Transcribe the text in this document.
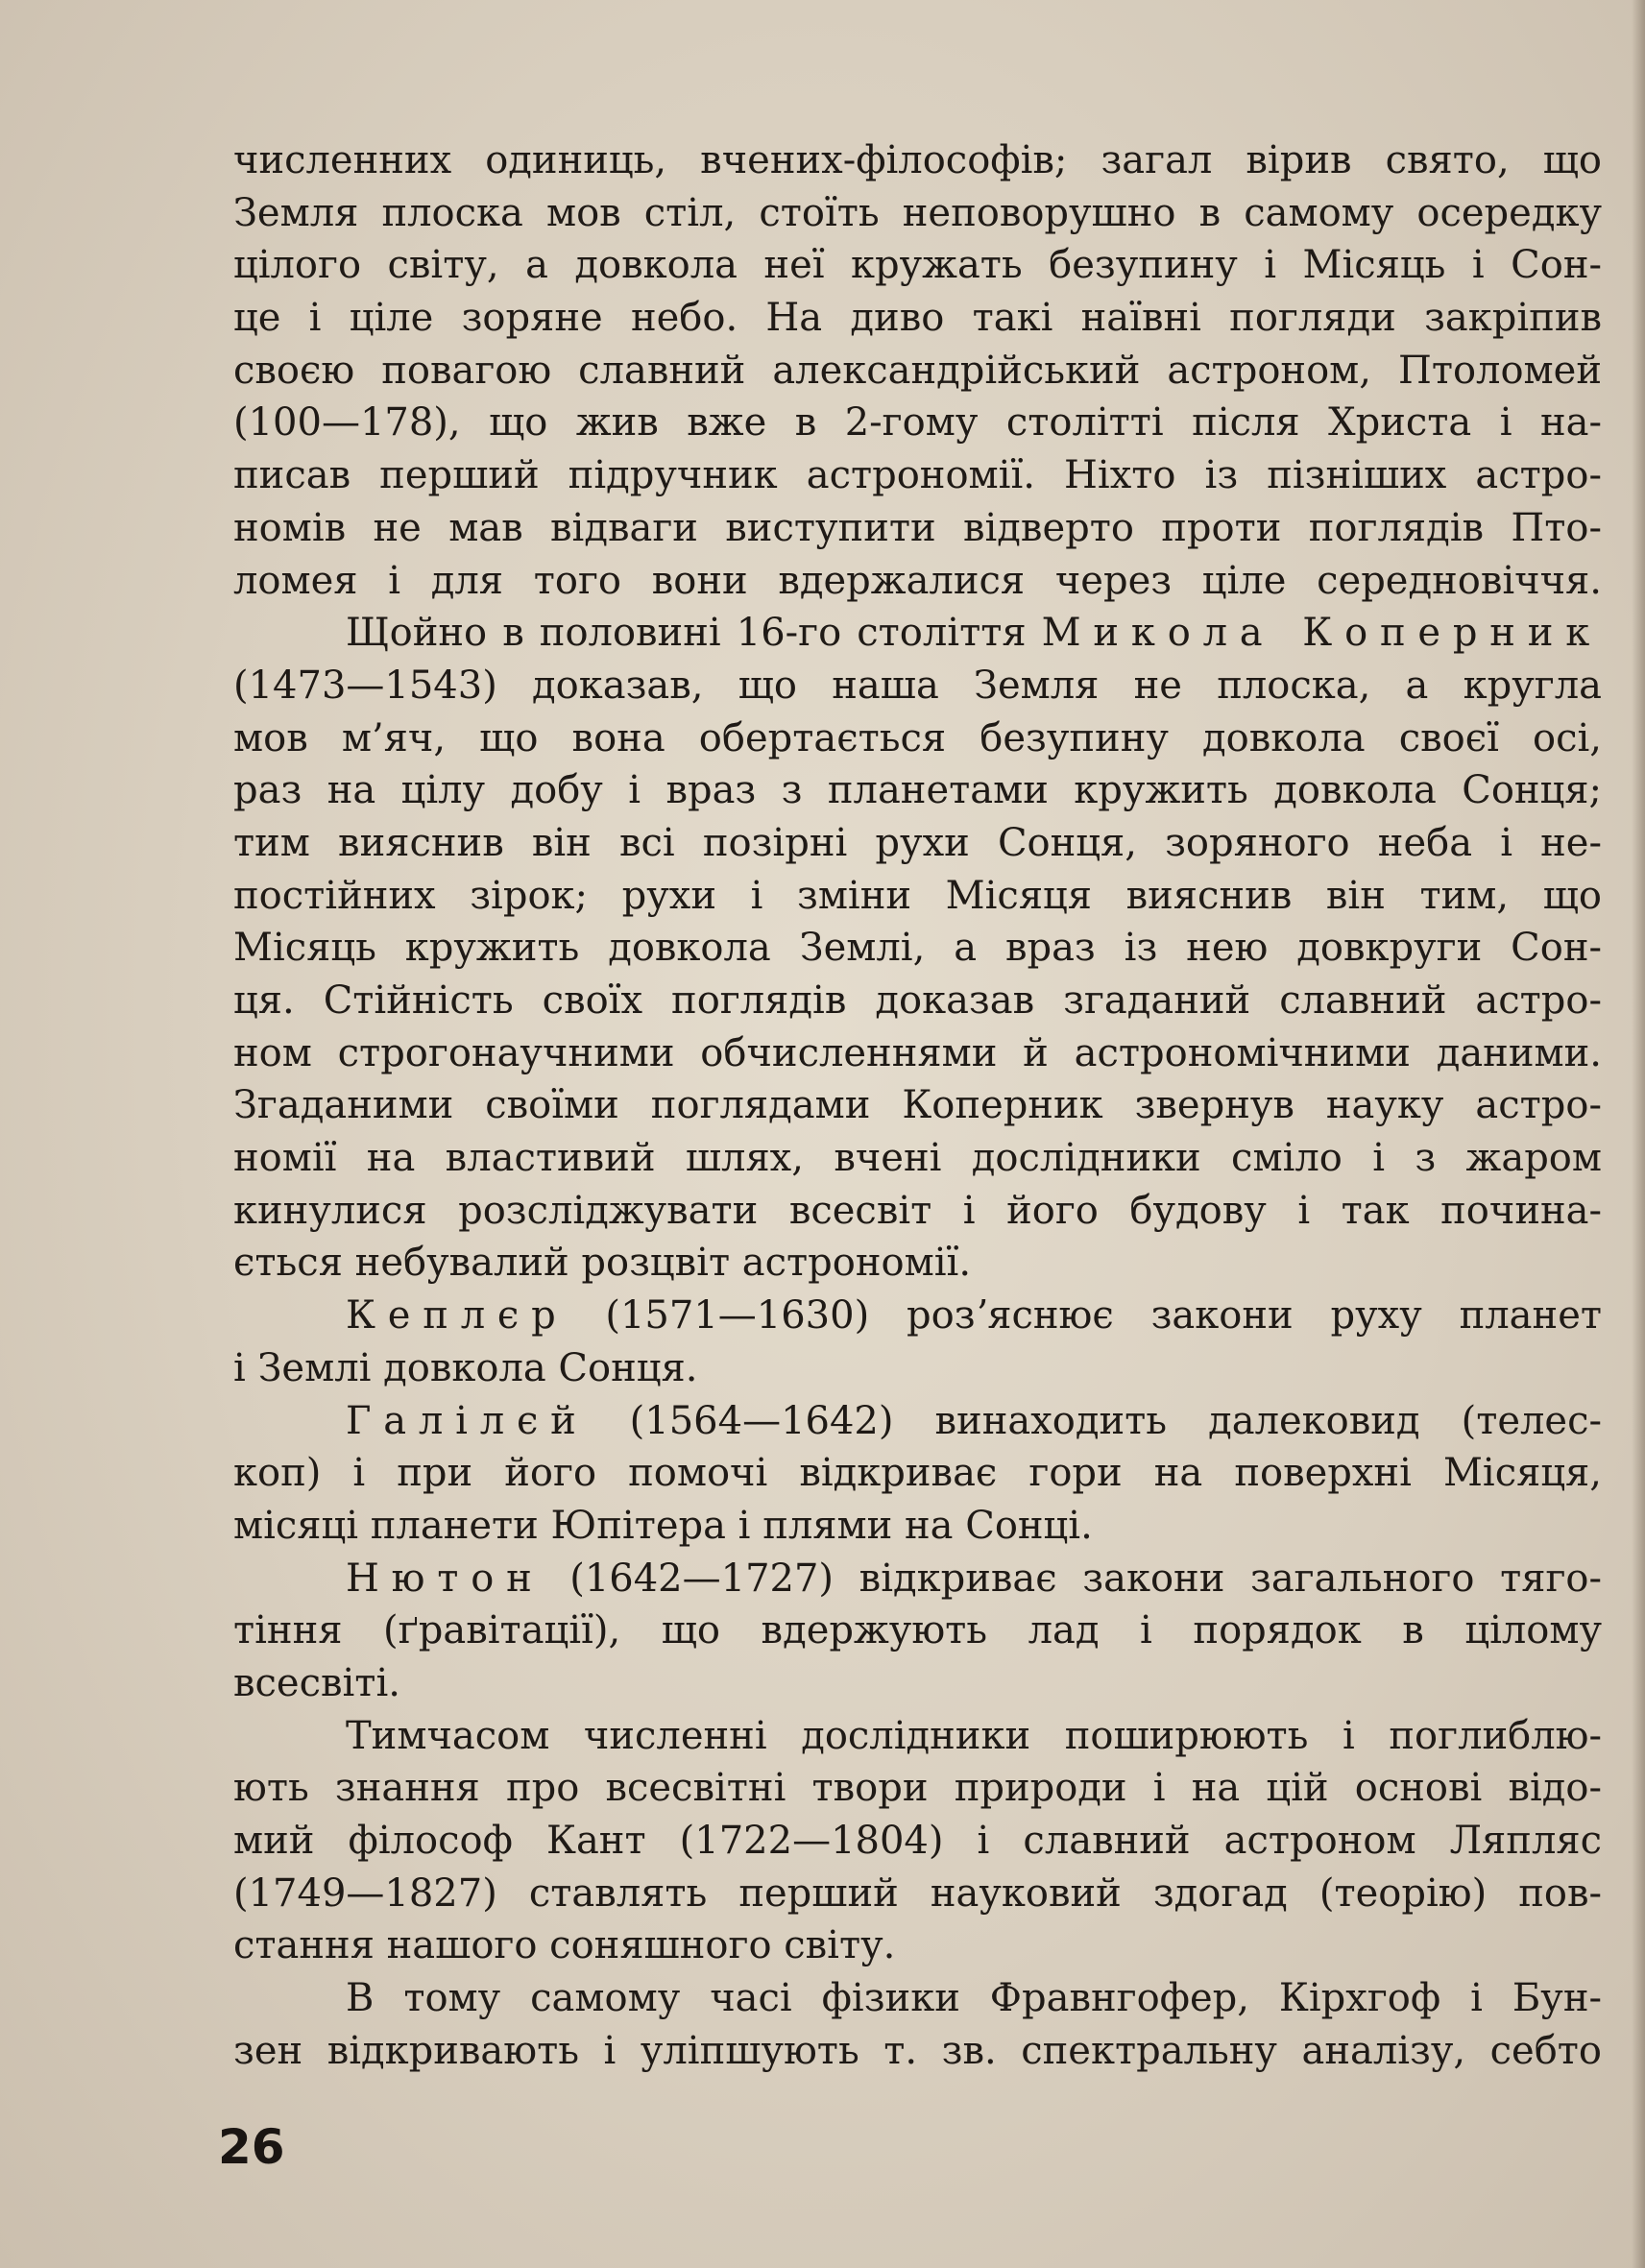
численних одиниць, вчених-філософів; загал вірив свято, що
Земля плоска мов стіл, стоїть неповорушно в самому осередку
цілого світу, а довкола неї кружать безупину і Місяць і Сон-
це і ціле зоряне небо. На диво такі наївні погляди закріпив
своєю повагою славний александрійський астроном, Птоломей
(100—178), що жив вже в 2-гому столітті після Христа і на-
писав перший підручник астрономії. Ніхто із пізніших астро-
номів не мав відваги виступити відверто проти поглядів Пто-
ломея і для того вони вдержалися через ціле середновіччя.
Щойно в половині 16-го століття Микола Коперник
(1473—1543) доказав, що наша Земля не плоска, а кругла
мов м’яч, що вона обертається безупину довкола своєї осі,
раз на цілу добу і враз з планетами кружить довкола Сонця;
тим вияснив він всі позірні рухи Сонця, зоряного неба і не-
постійних зірок; рухи і зміни Місяця вияснив він тим, що
Місяць кружить довкола Землі, а враз із нею довкруги Сон-
ця. Стійність своїх поглядів доказав згаданий славний астро-
ном строгонаучними обчисленнями й астрономічними даними.
Згаданими своїми поглядами Коперник звернув науку астро-
номії на властивий шлях, вчені дослідники сміло і з жаром
кинулися розсліджувати всесвіт і його будову і так почина-
ється небувалий розцвіт астрономії.
Кеплєр (1571—1630) розʼяснює закони руху планет
і Землі довкола Сонця.
Галілєй (1564—1642) винаходить далековид (телес-
коп) і при його помочі відкриває гори на поверхні Місяця,
місяці планети Юпітера і плями на Сонці.
Нютон (1642—1727) відкриває закони загального тяго-
тіння (ґравітації), що вдержують лад і порядок в цілому
всесвіті.
Тимчасом численні дослідники поширюють і поглиблю-
ють знання про всесвітні твори природи і на цій основі відо-
мий філософ Кант (1722—1804) і славний астроном Ляпляс
(1749—1827) ставлять перший науковий здогад (теорію) пов-
стання нашого соняшного світу.
В тому самому часі фізики Фравнгофер, Кірхгоф і Бун-
зен відкривають і уліпшують т. зв. спектральну аналізу, себто
26
